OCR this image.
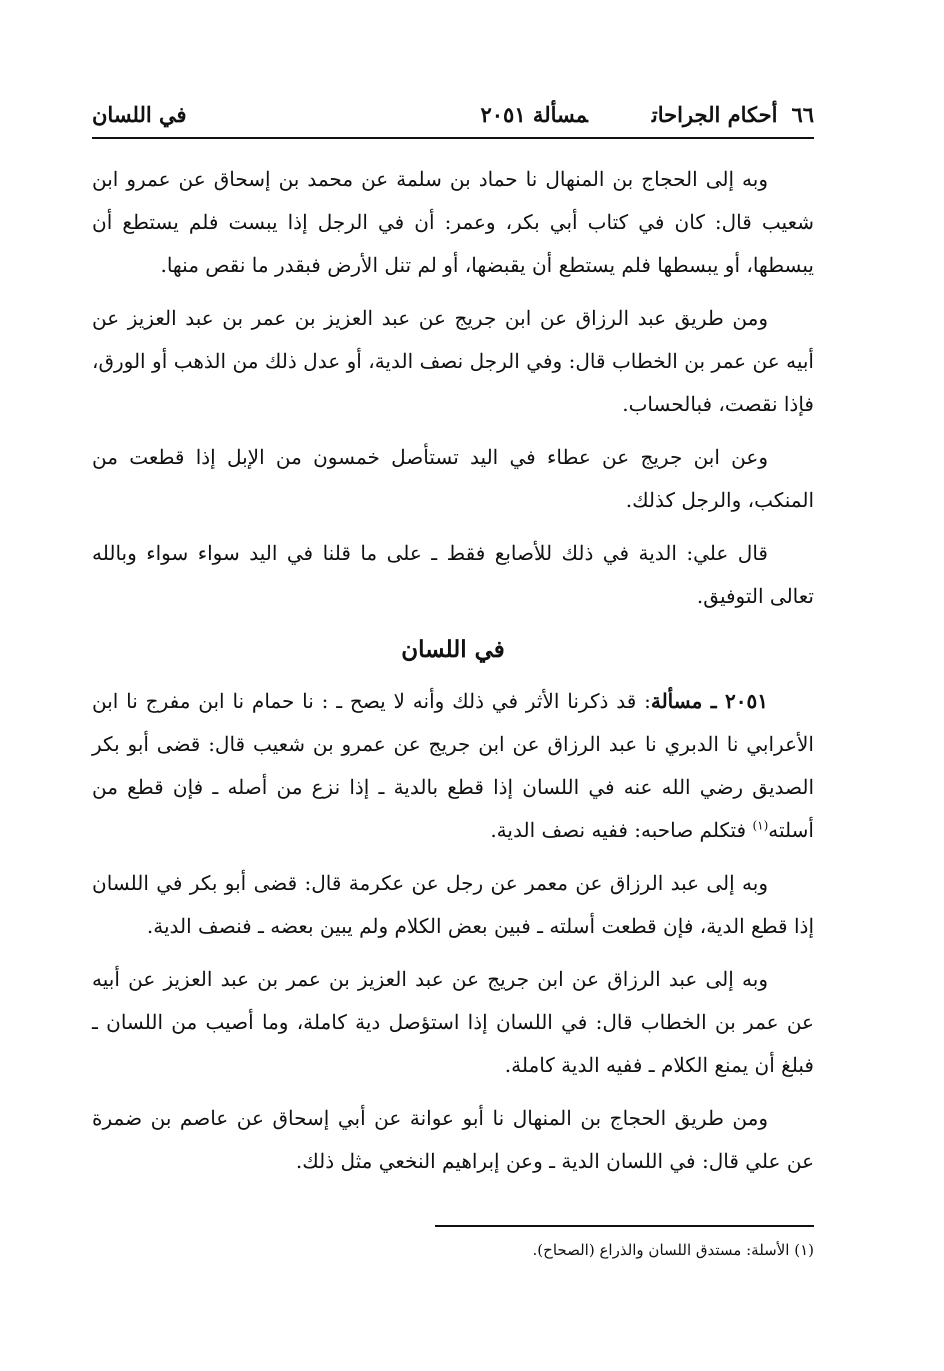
٦٦أحكام الجراحاتمسألة ٢٠٥١
في اللسان

وبه إلى الحجاج بن المنهال نا حماد بن سلمة عن محمد بن إسحاق عن عمرو ابن شعيب قال: كان في كتاب أبي بكر، وعمر: أن في الرجل إذا يبست فلم يستطع أن يبسطها، أو يبسطها فلم يستطع أن يقبضها، أو لم تنل الأرض فبقدر ما نقص منها.

ومن طريق عبد الرزاق عن ابن جريج عن عبد العزيز بن عمر بن عبد العزيز عن أبيه عن عمر بن الخطاب قال: وفي الرجل نصف الدية، أو عدل ذلك من الذهب أو الورق، فإذا نقصت، فبالحساب.

وعن ابن جريج عن عطاء في اليد تستأصل خمسون من الإبل إذا قطعت من المنكب، والرجل كذلك.

قال علي: الدية في ذلك للأصابع فقط ـ على ما قلنا في اليد سواء سواء وبالله تعالى التوفيق.

في اللسان

٢٠٥١ ـ مسألة: قد ذكرنا الأثر في ذلك وأنه لا يصح ـ : نا حمام نا ابن مفرج نا ابن الأعرابي نا الدبري نا عبد الرزاق عن ابن جريج عن عمرو بن شعيب قال: قضى أبو بكر الصديق رضي الله عنه في اللسان إذا قطع بالدية ـ إذا نزع من أصله ـ فإن قطع من أسلته$^{(١)}$ فتكلم صاحبه: ففيه نصف الدية.

وبه إلى عبد الرزاق عن معمر عن رجل عن عكرمة قال: قضى أبو بكر في اللسان إذا قطع الدية، فإن قطعت أسلته ـ فبين بعض الكلام ولم يبين بعضه ـ فنصف الدية.

وبه إلى عبد الرزاق عن ابن جريج عن عبد العزيز بن عمر بن عبد العزيز عن أبيه عن عمر بن الخطاب قال: في اللسان إذا استؤصل دية كاملة، وما أصيب من اللسان ـ فبلغ أن يمنع الكلام ـ ففيه الدية كاملة.

ومن طريق الحجاج بن المنهال نا أبو عوانة عن أبي إسحاق عن عاصم بن ضمرة عن علي قال: في اللسان الدية ـ وعن إبراهيم النخعي مثل ذلك.

(١) الأسلة: مستدق اللسان والذراع (الصحاح).
